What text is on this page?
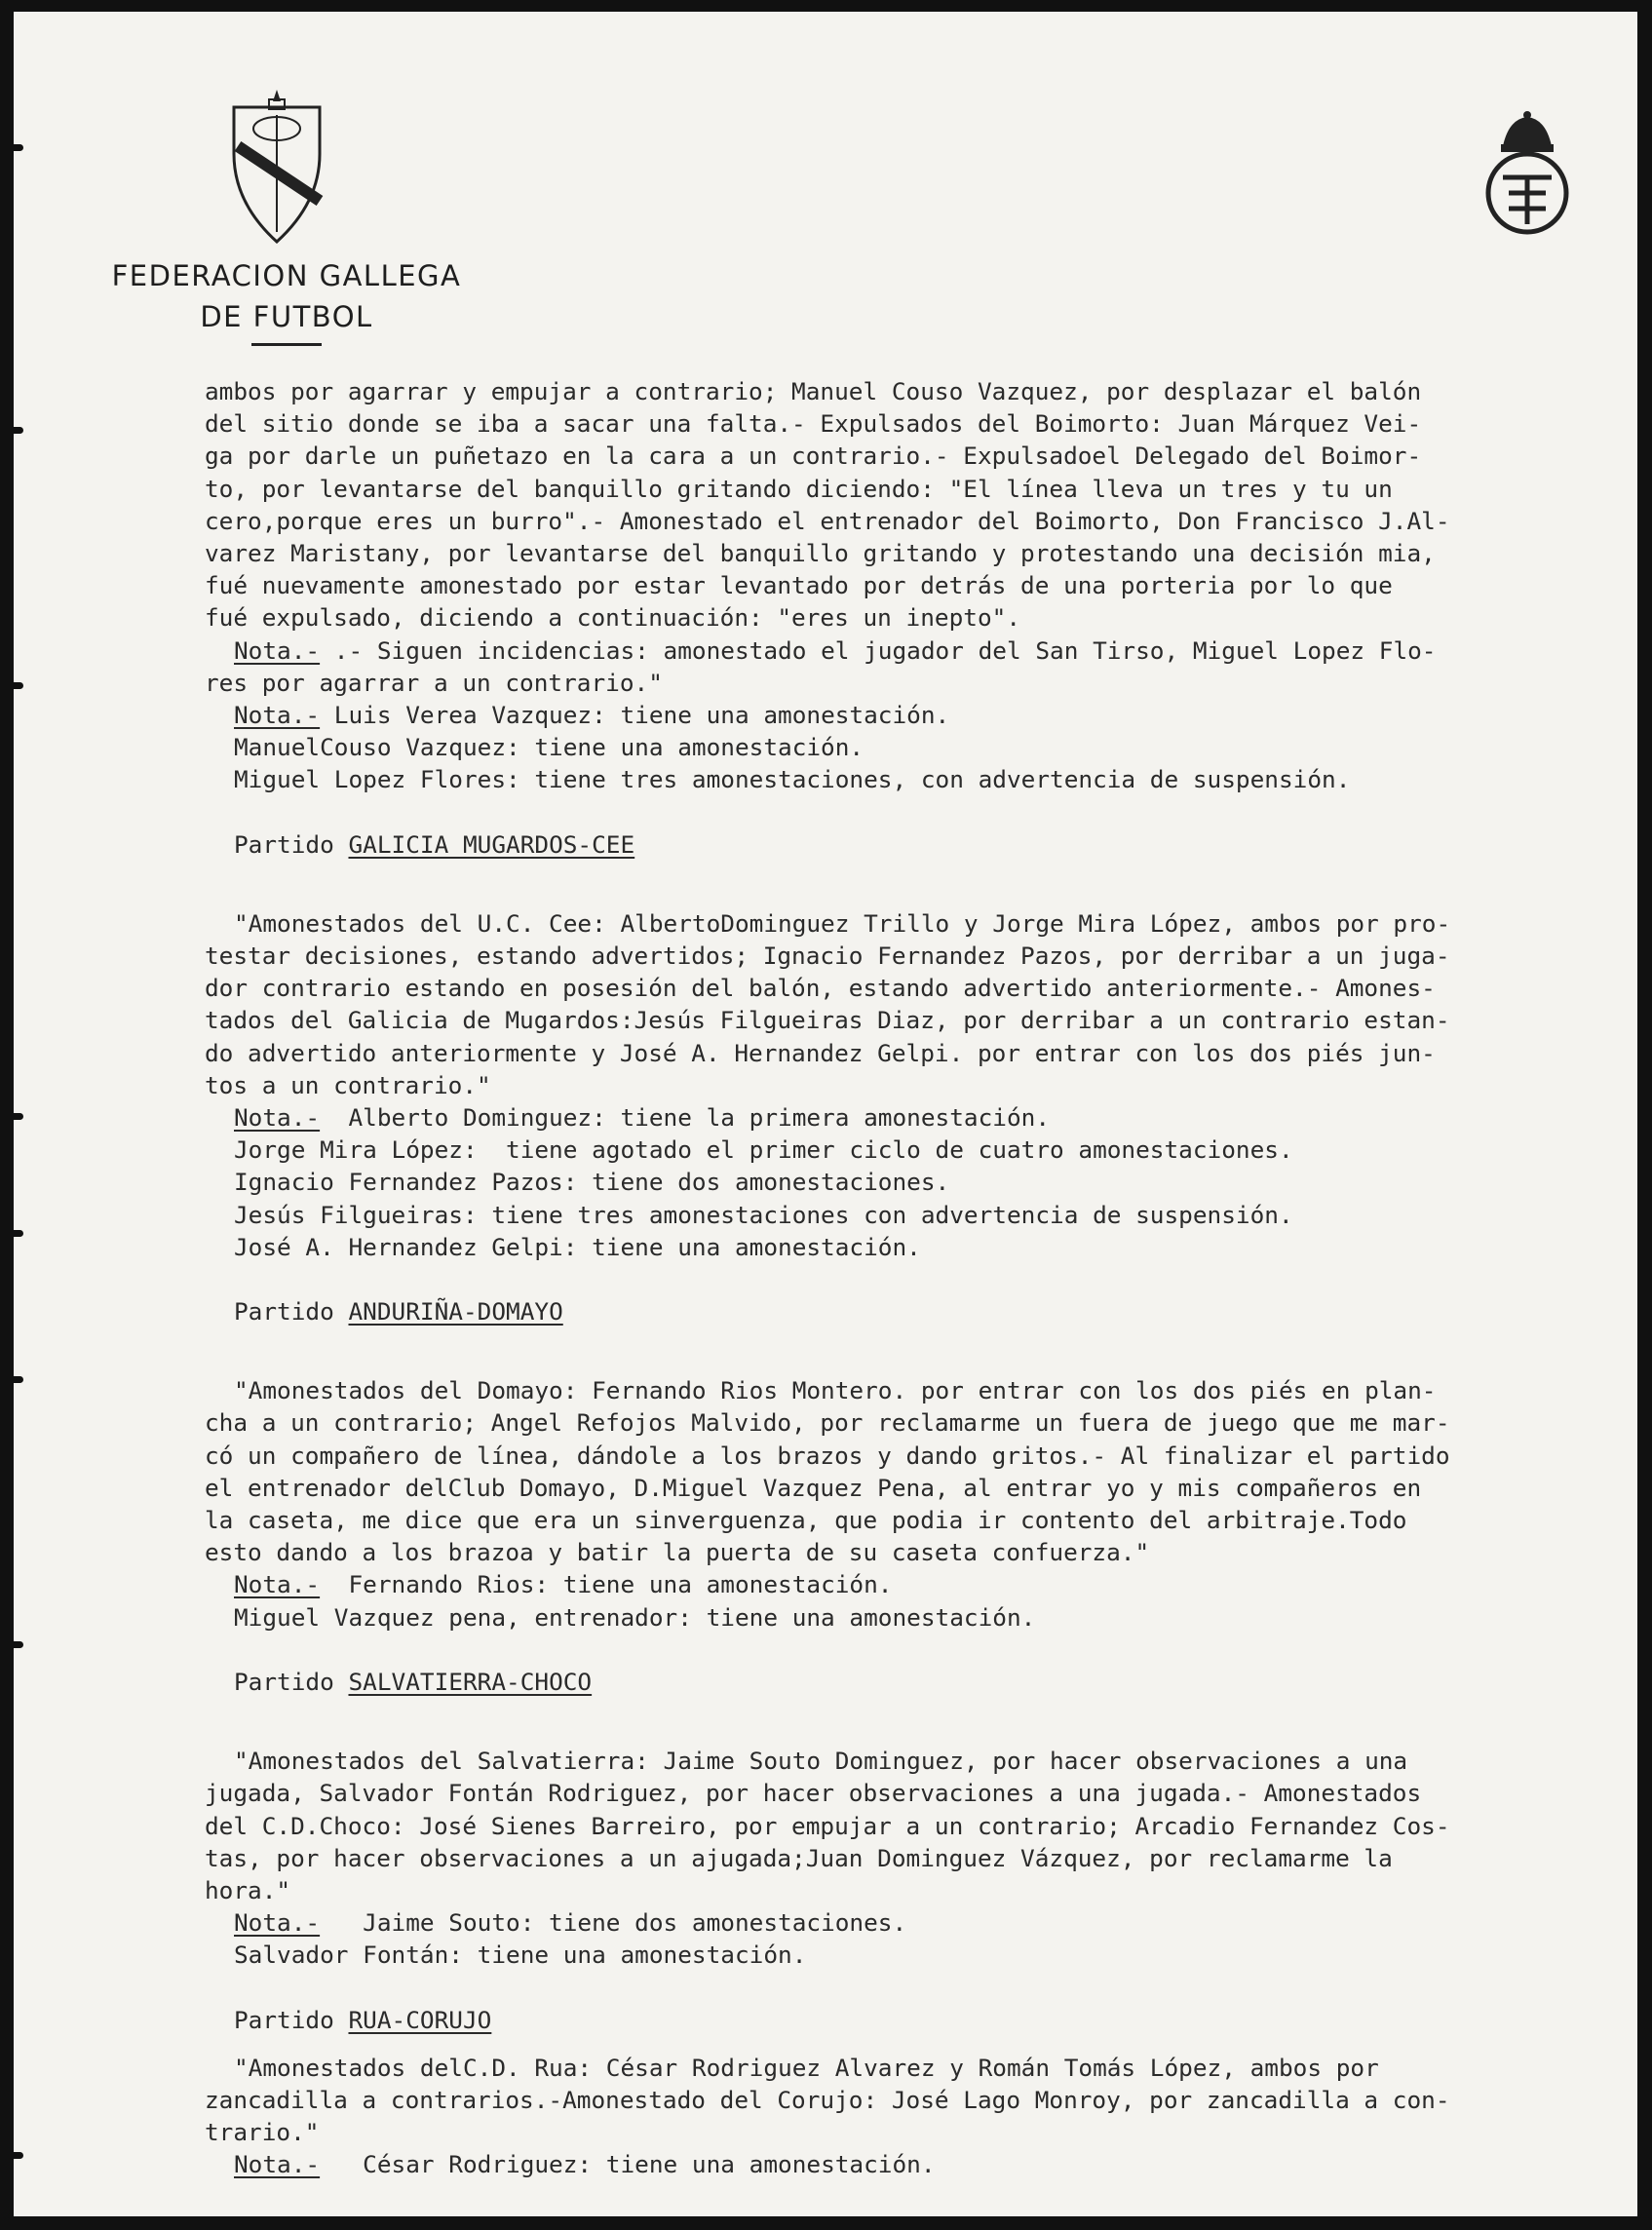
FEDERACION GALLEGA
DE FUTBOL
ambos por agarrar y empujar a contrario; Manuel Couso Vazquez, por desplazar el balón
del sitio donde se iba a sacar una falta.- Expulsados del Boimorto: Juan Márquez Vei-
ga por darle un puñetazo en la cara a un contrario.- Expulsadoel Delegado del Boimor-
to, por levantarse del banquillo gritando diciendo: "El línea lleva un tres y tu un
cero,porque eres un burro".- Amonestado el entrenador del Boimorto, Don Francisco J.Al-
varez Maristany, por levantarse del banquillo gritando y protestando una decisión mia,
fué nuevamente amonestado por estar levantado por detrás de una porteria por lo que
fué expulsado, diciendo a continuación: "eres un inepto".
Nota.- .- Siguen incidencias: amonestado el jugador del San Tirso, Miguel Lopez Flo-
res por agarrar a un contrario."
Nota.- Luis Verea Vazquez: tiene una amonestación.
ManuelCouso Vazquez: tiene una amonestación.
Miguel Lopez Flores: tiene tres amonestaciones, con advertencia de suspensión.
Partido GALICIA MUGARDOS-CEE
"Amonestados del U.C. Cee: AlbertoDominguez Trillo y Jorge Mira López, ambos por pro-
testar decisiones, estando advertidos; Ignacio Fernandez Pazos, por derribar a un juga-
dor contrario estando en posesión del balón, estando advertido anteriormente.- Amones-
tados del Galicia de Mugardos:Jesús Filgueiras Diaz, por derribar a un contrario estan-
do advertido anteriormente y José A. Hernandez Gelpi. por entrar con los dos piés jun-
tos a un contrario."
Nota.-  Alberto Dominguez: tiene la primera amonestación.
Jorge Mira López:  tiene agotado el primer ciclo de cuatro amonestaciones.
Ignacio Fernandez Pazos: tiene dos amonestaciones.
Jesús Filgueiras: tiene tres amonestaciones con advertencia de suspensión.
José A. Hernandez Gelpi: tiene una amonestación.
Partido ANDURIÑA-DOMAYO
"Amonestados del Domayo: Fernando Rios Montero. por entrar con los dos piés en plan-
cha a un contrario; Angel Refojos Malvido, por reclamarme un fuera de juego que me mar-
có un compañero de línea, dándole a los brazos y dando gritos.- Al finalizar el partido
el entrenador delClub Domayo, D.Miguel Vazquez Pena, al entrar yo y mis compañeros en
la caseta, me dice que era un sinverguenza, que podia ir contento del arbitraje.Todo
esto dando a los brazoa y batir la puerta de su caseta confuerza."
Nota.-  Fernando Rios: tiene una amonestación.
Miguel Vazquez pena, entrenador: tiene una amonestación.
Partido SALVATIERRA-CHOCO
"Amonestados del Salvatierra: Jaime Souto Dominguez, por hacer observaciones a una
jugada, Salvador Fontán Rodriguez, por hacer observaciones a una jugada.- Amonestados
del C.D.Choco: José Sienes Barreiro, por empujar a un contrario; Arcadio Fernandez Cos-
tas, por hacer observaciones a un ajugada;Juan Dominguez Vázquez, por reclamarme la
hora."
Nota.-   Jaime Souto: tiene dos amonestaciones.
Salvador Fontán: tiene una amonestación.
Partido RUA-CORUJO
"Amonestados delC.D. Rua: César Rodriguez Alvarez y Román Tomás López, ambos por
zancadilla a contrarios.-Amonestado del Corujo: José Lago Monroy, por zancadilla a con-
trario."
Nota.-   César Rodriguez: tiene una amonestación.
